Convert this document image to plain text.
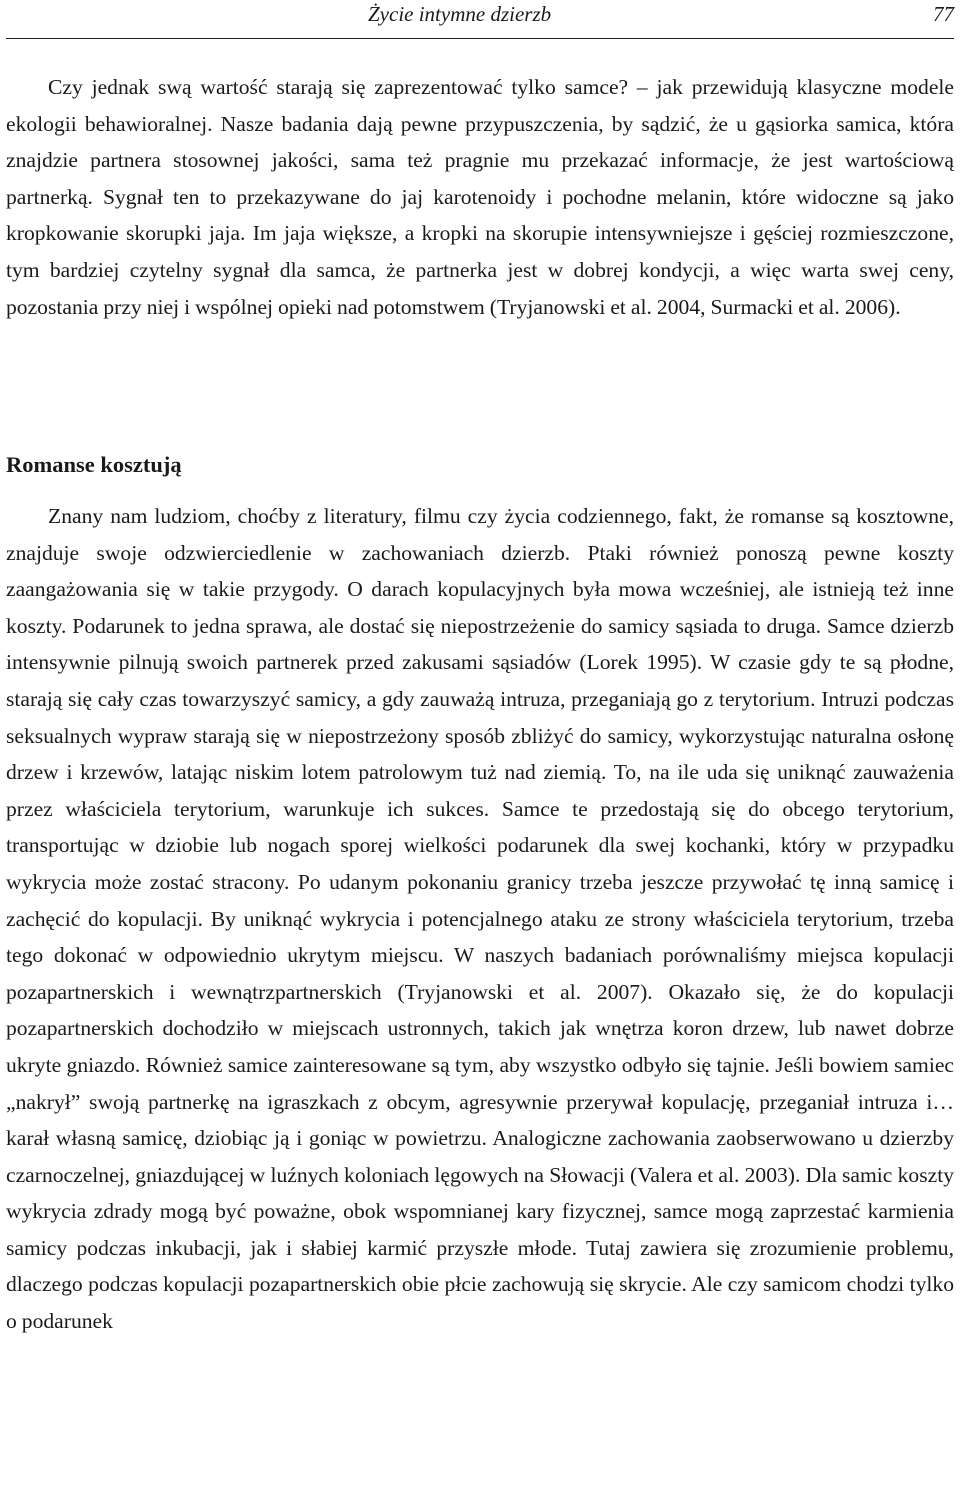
Życie intymne dzierzb	77

Czy jednak swą wartość starają się zaprezentować tylko samce? – jak przewidują klasyczne modele ekologii behawioralnej. Nasze badania dają pewne przypuszczenia, by sądzić, że u gąsiorka samica, która znajdzie partnera stosownej jakości, sama też pragnie mu przekazać informacje, że jest wartościową partnerką. Sygnał ten to przekazywane do jaj karotenoidy i pochodne melanin, które widoczne są jako kropkowanie skorupki jaja. Im jaja większe, a kropki na skorupie intensywniejsze i gęściej rozmieszczone, tym bardziej czytelny sygnał dla samca, że partnerka jest w dobrej kondycji, a więc warta swej ceny, pozostania przy niej i wspólnej opieki nad potomstwem (Tryjanowski et al. 2004, Surmacki et al. 2006).

Romanse kosztują

Znany nam ludziom, choćby z literatury, filmu czy życia codziennego, fakt, że romanse są kosztowne, znajduje swoje odzwierciedlenie w zachowaniach dzierzb. Ptaki również ponoszą pewne koszty zaangażowania się w takie przygody. O darach kopulacyjnych była mowa wcześniej, ale istnieją też inne koszty. Podarunek to jedna sprawa, ale dostać się niepostrzeżenie do samicy sąsiada to druga. Samce dzierzb intensywnie pilnują swoich partnerek przed zakusami sąsiadów (Lorek 1995). W czasie gdy te są płodne, starają się cały czas towarzyszyć samicy, a gdy zauważą intruza, przeganiają go z terytorium. Intruzi podczas seksualnych wypraw starają się w niepostrzeżony sposób zbliżyć do samicy, wykorzystując naturalna osłonę drzew i krzewów, latając niskim lotem patrolowym tuż nad ziemią. To, na ile uda się uniknąć zauważenia przez właściciela terytorium, warunkuje ich sukces. Samce te przedostają się do obcego terytorium, transportując w dziobie lub nogach sporej wielkości podarunek dla swej kochanki, który w przypadku wykrycia może zostać stracony. Po udanym pokonaniu granicy trzeba jeszcze przywołać tę inną samicę i zachęcić do kopulacji. By uniknąć wykrycia i potencjalnego ataku ze strony właściciela terytorium, trzeba tego dokonać w odpowiednio ukrytym miejscu. W naszych badaniach porównaliśmy miejsca kopulacji pozapartnerskich i wewnątrzpartnerskich (Tryjanowski et al. 2007). Okazało się, że do kopulacji pozapartnerskich dochodziło w miejscach ustronnych, takich jak wnętrza koron drzew, lub nawet dobrze ukryte gniazdo. Również samice zainteresowane są tym, aby wszystko odbyło się tajnie. Jeśli bowiem samiec „nakrył” swoją partnerkę na igraszkach z obcym, agresywnie przerywał kopulację, przeganiał intruza i… karał własną samicę, dziobiąc ją i goniąc w powietrzu. Analogiczne zachowania zaobserwowano u dzierzby czarnoczelnej, gniazdującej w luźnych koloniach lęgowych na Słowacji (Valera et al. 2003). Dla samic koszty wykrycia zdrady mogą być poważne, obok wspomnianej kary fizycznej, samce mogą zaprzestać karmienia samicy podczas inkubacji, jak i słabiej karmić przyszłe młode. Tutaj zawiera się zrozumienie problemu, dlaczego podczas kopulacji pozapartnerskich obie płcie zachowują się skrycie. Ale czy samicom chodzi tylko o podarunek
